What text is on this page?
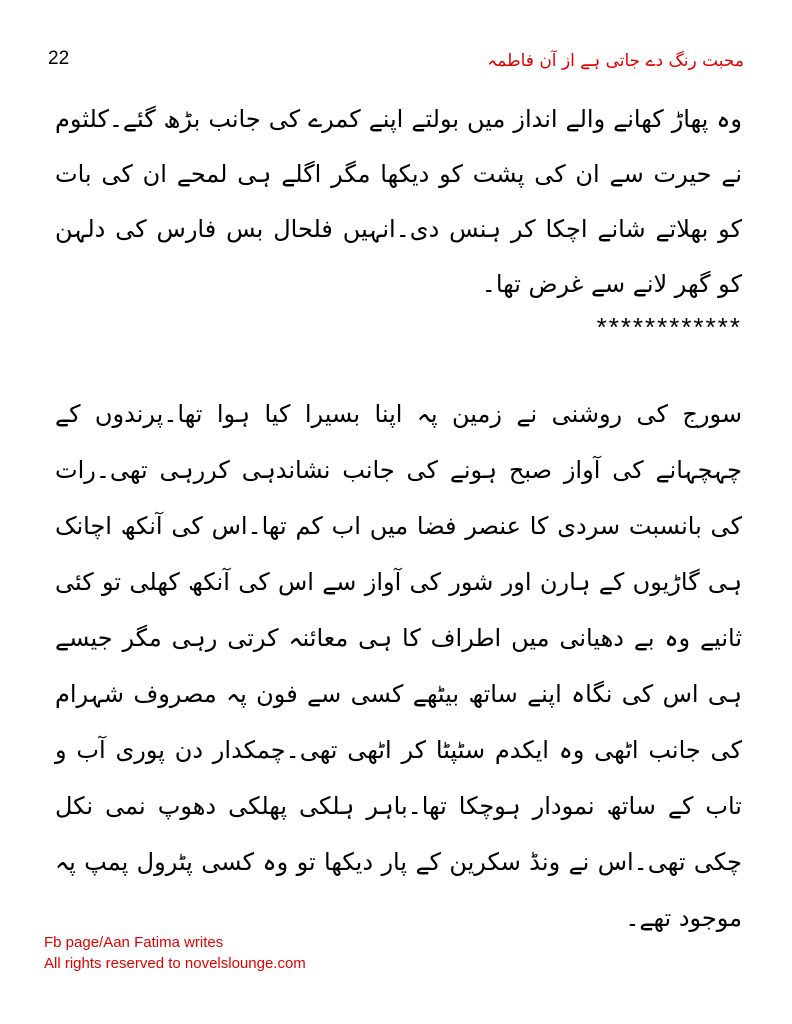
22	محبت رنگ دے جاتی ہے از آن فاطمہ

وہ پھاڑ کھانے والے انداز میں بولتے اپنے کمرے کی جانب بڑھ گئے۔کلثوم نے حیرت سے ان کی پشت کو دیکھا مگر اگلے ہی لمحے ان کی بات کو بھلاتے شانے اچکا کر ہنس دی۔انہیں فلحال بس فارس کی دلہن کو گھر لانے سے غرض تھا۔

************

سورج کی روشنی نے زمین پہ اپنا بسیرا کیا ہوا تھا۔پرندوں کے چہچہانے کی آواز صبح ہونے کی جانب نشاندہی کررہی تھی۔رات کی بانسبت سردی کا عنصر فضا میں اب کم تھا۔اس کی آنکھ اچانک ہی گاڑیوں کے ہارن اور شور کی آواز سے اس کی آنکھ کھلی تو کئی ثانیے وہ بے دھیانی میں اطراف کا ہی معائنہ کرتی رہی مگر جیسے ہی اس کی نگاہ اپنے ساتھ بیٹھے کسی سے فون پہ مصروف شہرام کی جانب اٹھی وہ ایکدم سٹپٹا کر اٹھی تھی۔چمکدار دن پوری آب و تاب کے ساتھ نمودار ہوچکا تھا۔باہر ہلکی پھلکی دھوپ نمی نکل چکی تھی۔اس نے ونڈ سکرین کے پار دیکھا تو وہ کسی پٹرول پمپ پہ موجود تھے۔

Fb page/Aan Fatima writes
All rights reserved to novelslounge.com
